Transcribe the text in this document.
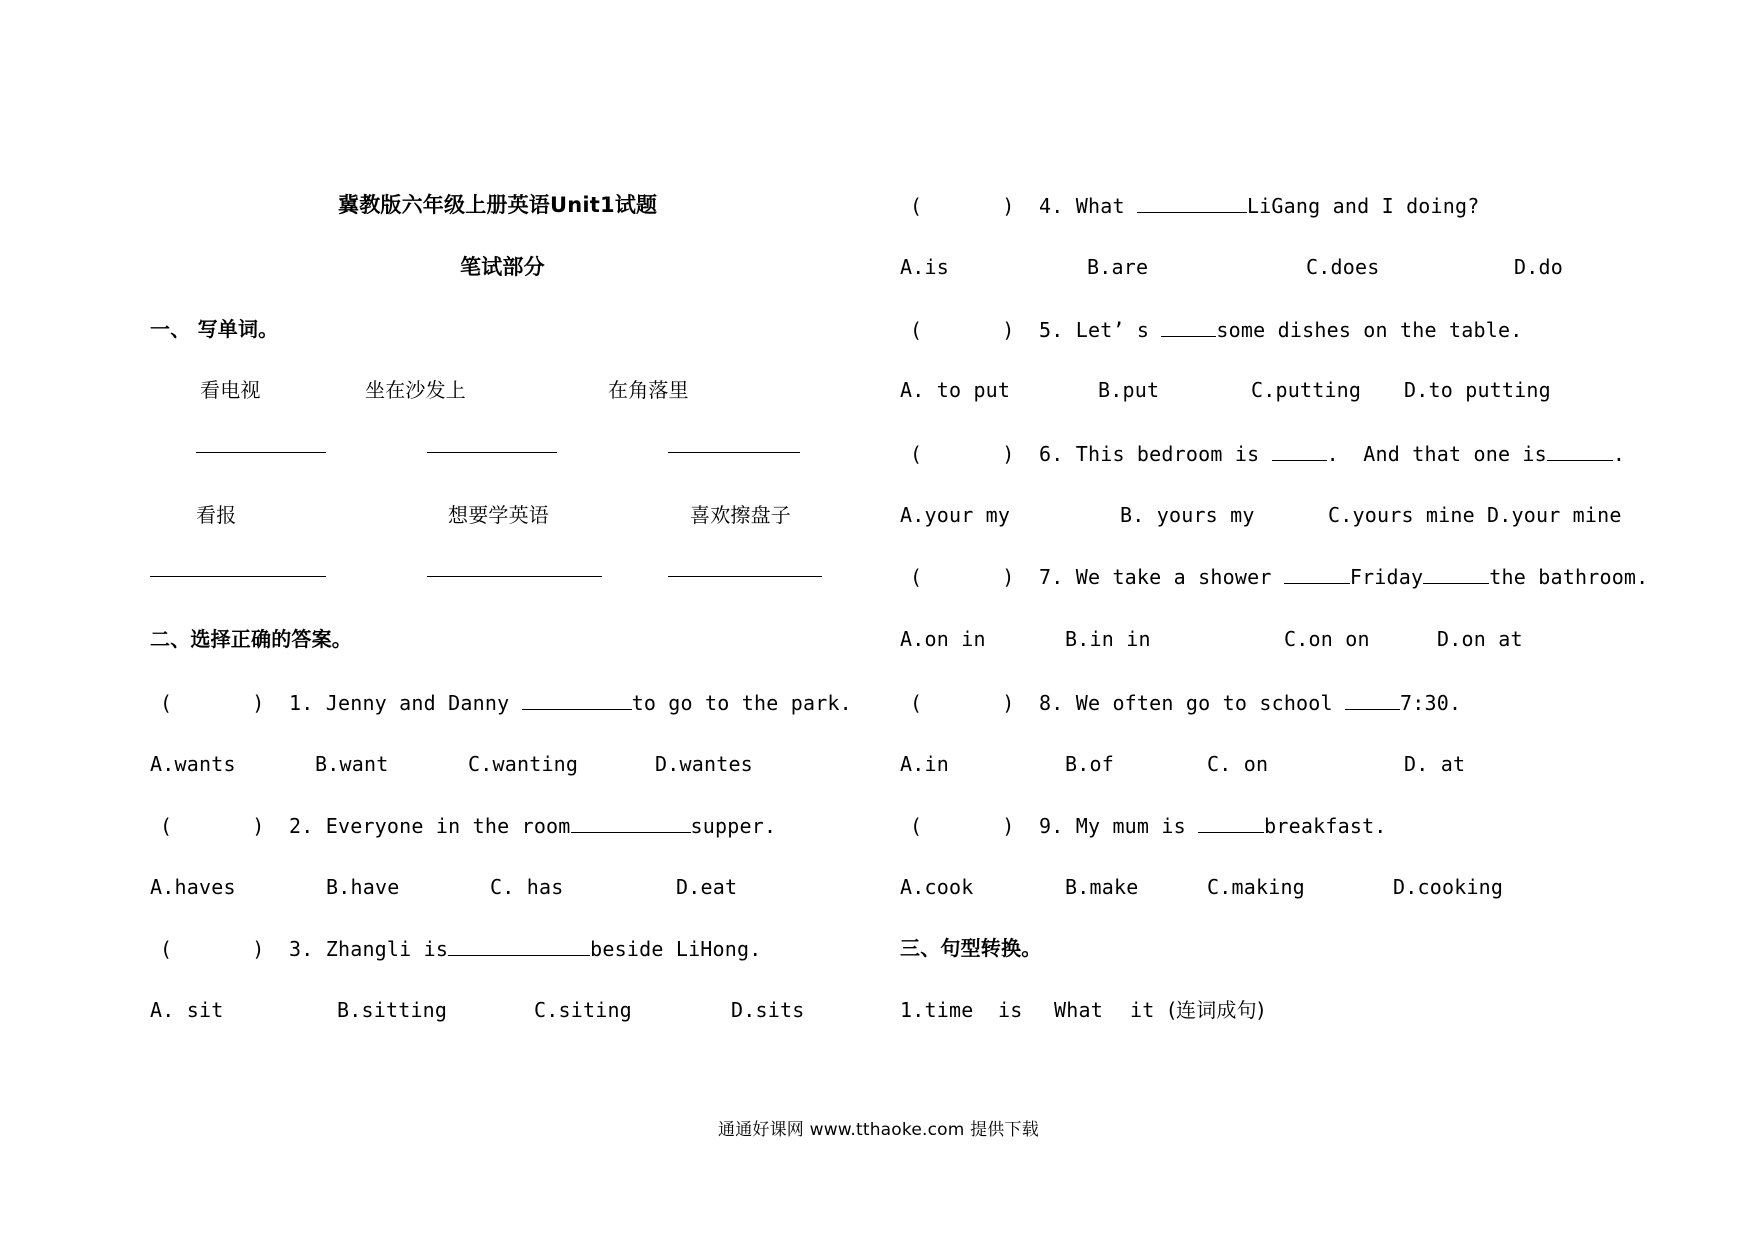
冀教版六年级上册英语Unit1试题
笔试部分
一、 写单词。
看电视	坐在沙发上	在角落里
看报	想要学英语	喜欢擦盘子
二、选择正确的答案。
(	) 1. Jenny and Danny	to go to the park.
A.wants	B.want	C.wanting	D.wantes
(	) 2. Everyone in the room	supper.
A.haves	B.have	C. has	D.eat
(	) 3. Zhangli is	beside LiHong.
A. sit	B.sitting	C.siting	D.sits
(	) 4. What	LiGang and I doing?
A.is	B.are	C.does	D.do
(	) 5. Let’ s	some dishes on the table.
A. to put	B.put	C.putting D.to putting
(	) 6. This bedroom is	.  And that one is	.
A.your my	B. yours my	C.yours mine D.your mine
(	) 7. We take a shower	Friday	the bathroom.
A.on in	B.in in	C.on on	D.on at
(	) 8. We often go to school	7:30.
A.in	B.of	C. on	D. at
(	) 9. My mum is	breakfast.
A.cook	B.make	C.making	D.cooking
三、句型转换。
1.time is What it (连词成句)
通通好课网 www.tthaoke.com 提供下载
